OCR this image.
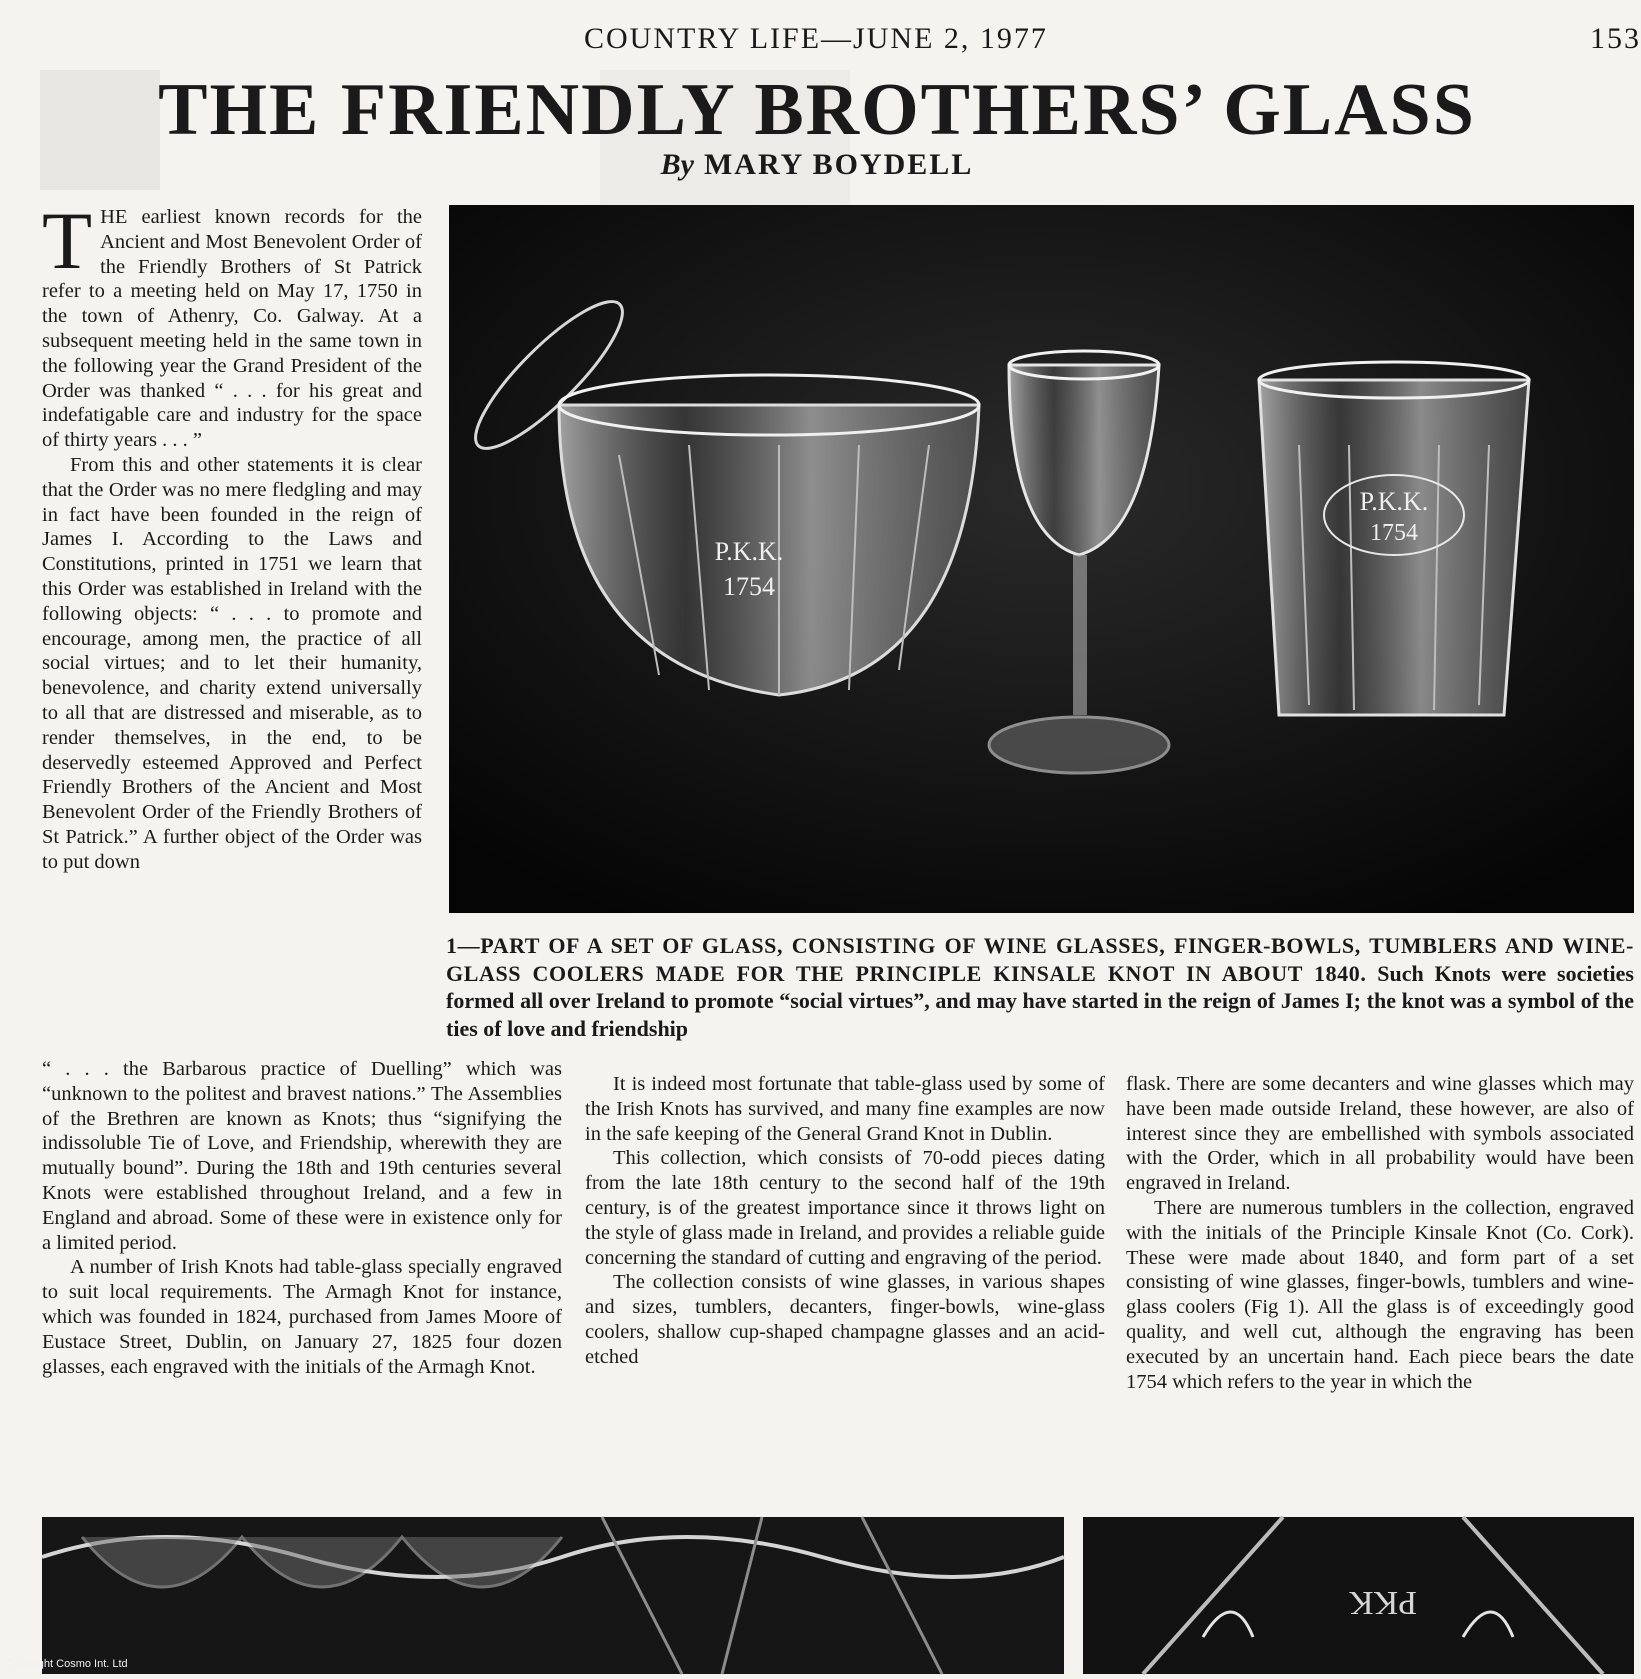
COUNTRY LIFE—JUNE 2, 1977	153
THE FRIENDLY BROTHERS’ GLASS
By MARY BOYDELL

THE earliest known records for the Ancient and Most Benevolent Order of the Friendly Brothers of St Patrick refer to a meeting held on May 17, 1750 in the town of Athenry, Co. Galway. At a subsequent meeting held in the same town in the following year the Grand President of the Order was thanked “ . . . for his great and indefatigable care and industry for the space of thirty years . . . ”

From this and other statements it is clear that the Order was no mere fledgling and may in fact have been founded in the reign of James I. According to the Laws and Constitutions, printed in 1751 we learn that this Order was established in Ireland with the following objects: “ . . . to promote and encourage, among men, the practice of all social virtues; and to let their humanity, benevolence, and charity extend universally to all that are distressed and miserable, as to render themselves, in the end, to be deservedly esteemed Approved and Perfect Friendly Brothers of the Ancient and Most Benevolent Order of the Friendly Brothers of St Patrick.” A further object of the Order was to put down

P.K.K.
1754
P.K.K.
1754
1—PART OF A SET OF GLASS, CONSISTING OF WINE GLASSES, FINGER-BOWLS, TUMBLERS AND WINE-GLASS COOLERS MADE FOR THE PRINCIPLE KINSALE KNOT IN ABOUT 1840. Such Knots were societies formed all over Ireland to promote “social virtues”, and may have started in the reign of James I; the knot was a symbol of the ties of love and friendship

“ . . . the Barbarous practice of Duelling” which was “unknown to the politest and bravest nations.” The Assemblies of the Brethren are known as Knots; thus “signifying the indissoluble Tie of Love, and Friendship, wherewith they are mutually bound”. During the 18th and 19th centuries several Knots were established throughout Ireland, and a few in England and abroad. Some of these were in existence only for a limited period.

A number of Irish Knots had table-glass specially engraved to suit local requirements. The Armagh Knot for instance, which was founded in 1824, purchased from James Moore of Eustace Street, Dublin, on January 27, 1825 four dozen glasses, each engraved with the initials of the Armagh Knot.

It is indeed most fortunate that table-glass used by some of the Irish Knots has survived, and many fine examples are now in the safe keeping of the General Grand Knot in Dublin.

This collection, which consists of 70-odd pieces dating from the late 18th century to the second half of the 19th century, is of the greatest importance since it throws light on the style of glass made in Ireland, and provides a reliable guide concerning the standard of cutting and engraving of the period.

The collection consists of wine glasses, in various shapes and sizes, tumblers, decanters, finger-bowls, wine-glass coolers, shallow cup-shaped champagne glasses and an acid-etched

flask. There are some decanters and wine glasses which may have been made outside Ireland, these however, are also of interest since they are embellished with symbols associated with the Order, which in all probability would have been engraved in Ireland.

There are numerous tumblers in the collection, engraved with the initials of the Principle Kinsale Knot (Co. Cork). These were made about 1840, and form part of a set consisting of wine glasses, finger-bowls, tumblers and wine-glass coolers (Fig 1). All the glass is of exceedingly good quality, and well cut, although the engraving has been executed by an uncertain hand. Each piece bears the date 1754 which refers to the year in which the

PKK
Copyright Cosmo Int. Ltd
